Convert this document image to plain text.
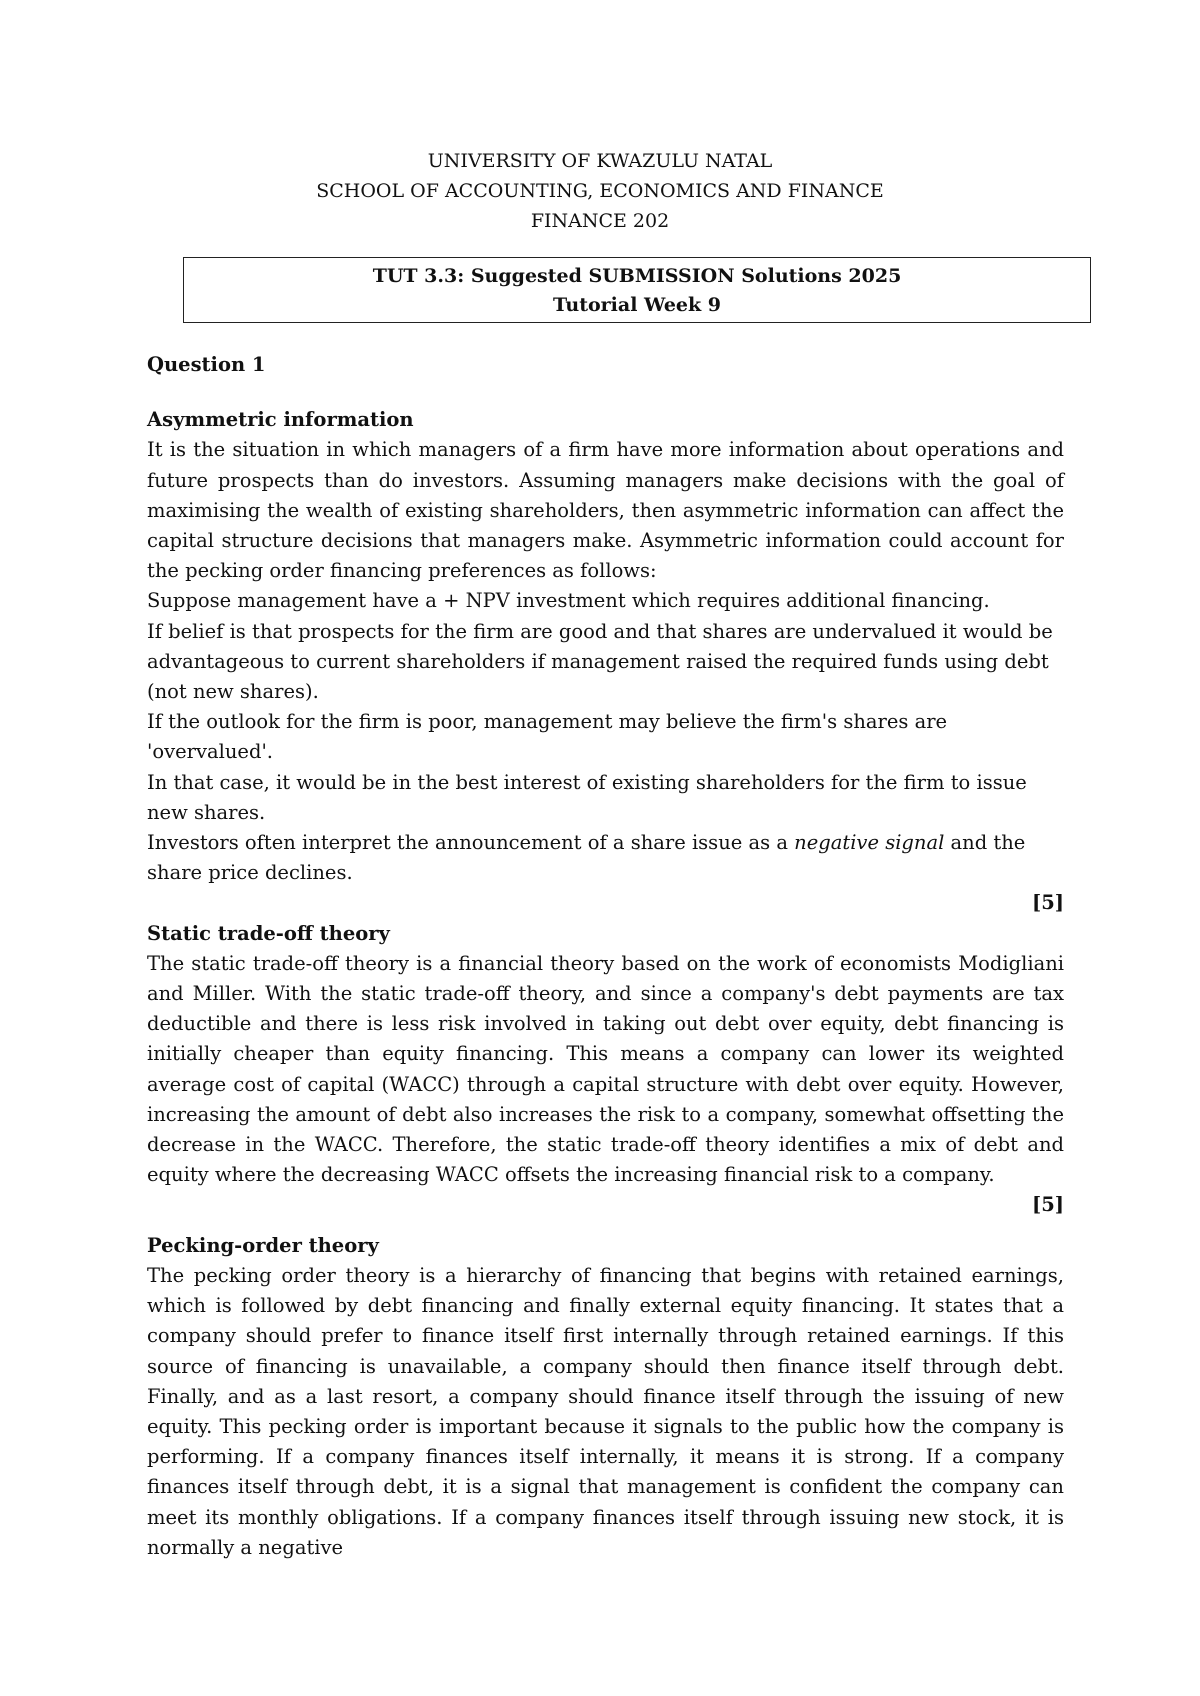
UNIVERSITY OF KWAZULU NATAL
SCHOOL OF ACCOUNTING, ECONOMICS AND FINANCE
FINANCE 202
TUT 3.3: Suggested SUBMISSION Solutions 2025
Tutorial Week 9

Question 1

Asymmetric information

It is the situation in which managers of a firm have more information about operations and future prospects than do investors. Assuming managers make decisions with the goal of maximising the wealth of existing shareholders, then asymmetric information can affect the capital structure decisions that managers make. Asymmetric information could account for the pecking order financing preferences as follows:

Suppose management have a + NPV investment which requires additional financing.

If belief is that prospects for the firm are good and that shares are undervalued it would be advantageous to current shareholders if management raised the required funds using debt (not new shares).

If the outlook for the firm is poor, management may believe the firm's shares are 'overvalued'.

In that case, it would be in the best interest of existing shareholders for the firm to issue new shares.

Investors often interpret the announcement of a share issue as a negative signal and the share price declines.

[5]

Static trade-off theory

The static trade-off theory is a financial theory based on the work of economists Modigliani and Miller. With the static trade-off theory, and since a company's debt payments are tax deductible and there is less risk involved in taking out debt over equity, debt financing is initially cheaper than equity financing. This means a company can lower its weighted average cost of capital (WACC) through a capital structure with debt over equity. However, increasing the amount of debt also increases the risk to a company, somewhat offsetting the decrease in the WACC. Therefore, the static trade-off theory identifies a mix of debt and equity where the decreasing WACC offsets the increasing financial risk to a company.

[5]

Pecking-order theory

The pecking order theory is a hierarchy of financing that begins with retained earnings, which is followed by debt financing and finally external equity financing. It states that a company should prefer to finance itself first internally through retained earnings. If this source of financing is unavailable, a company should then finance itself through debt. Finally, and as a last resort, a company should finance itself through the issuing of new equity. This pecking order is important because it signals to the public how the company is performing. If a company finances itself internally, it means it is strong. If a company finances itself through debt, it is a signal that management is confident the company can meet its monthly obligations. If a company finances itself through issuing new stock, it is normally a negative
